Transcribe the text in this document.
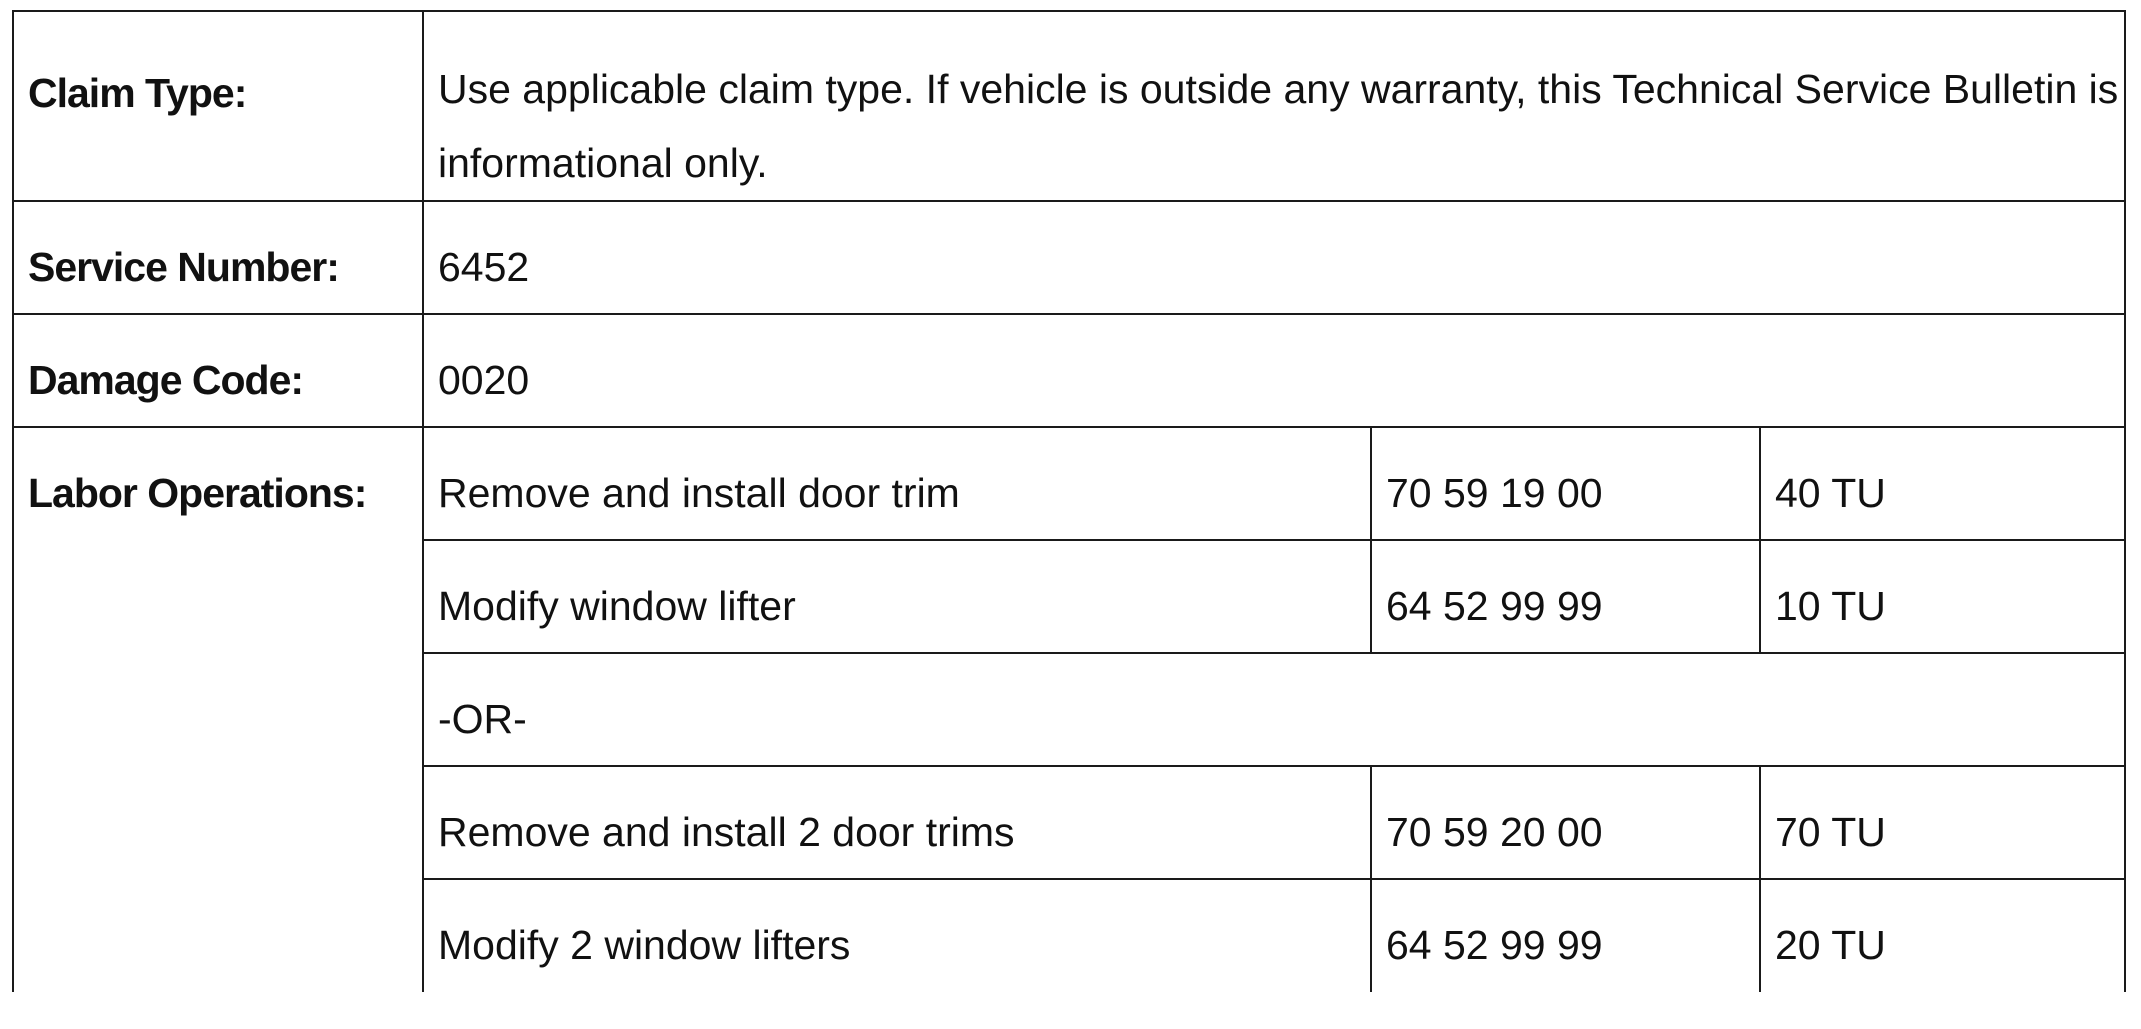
Claim Type:	Use applicable claim type. If vehicle is outside any warranty, this Technical Service Bulletin is informational only.		
Service Number:	6452		
Damage Code:	0020		
Labor Operations:	Remove and install door trim	70 59 19 00	40 TU
	Modify window lifter	64 52 99 99	10 TU
	-OR-		
	Remove and install 2 door trims	70 59 20 00	70 TU
	Modify 2 window lifters	64 52 99 99	20 TU
